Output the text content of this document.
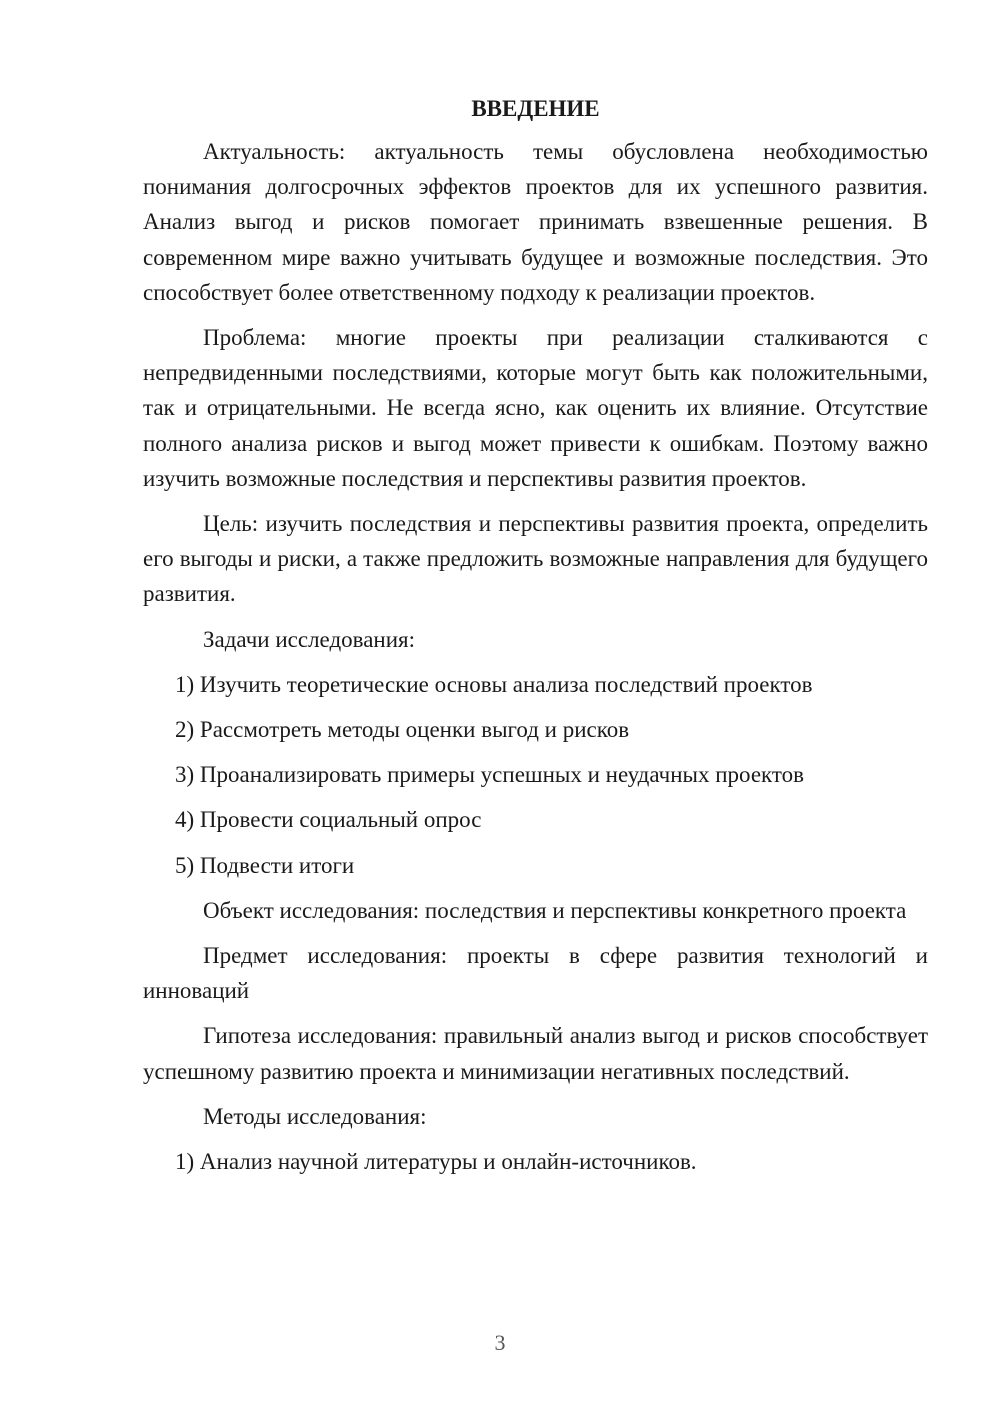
ВВЕДЕНИЕ

Актуальность: актуальность темы обусловлена необходимостью понимания долгосрочных эффектов проектов для их успешного развития. Анализ выгод и рисков помогает принимать взвешенные решения. В современном мире важно учитывать будущее и возможные последствия. Это способствует более ответственному подходу к реализации проектов.

Проблема: многие проекты при реализации сталкиваются с непредвиденными последствиями, которые могут быть как положительными, так и отрицательными. Не всегда ясно, как оценить их влияние. Отсутствие полного анализа рисков и выгод может привести к ошибкам. Поэтому важно изучить возможные последствия и перспективы развития проектов.

Цель: изучить последствия и перспективы развития проекта, определить его выгоды и риски, а также предложить возможные направления для будущего развития.

Задачи исследования:
1) Изучить теоретические основы анализа последствий проектов
2) Рассмотреть методы оценки выгод и рисков
3) Проанализировать примеры успешных и неудачных проектов
4) Провести социальный опрос
5) Подвести итоги

Объект исследования: последствия и перспективы конкретного проекта

Предмет исследования: проекты в сфере развития технологий и инноваций

Гипотеза исследования: правильный анализ выгод и рисков способствует успешному развитию проекта и минимизации негативных последствий.

Методы исследования:
1) Анализ научной литературы и онлайн-источников.
3
